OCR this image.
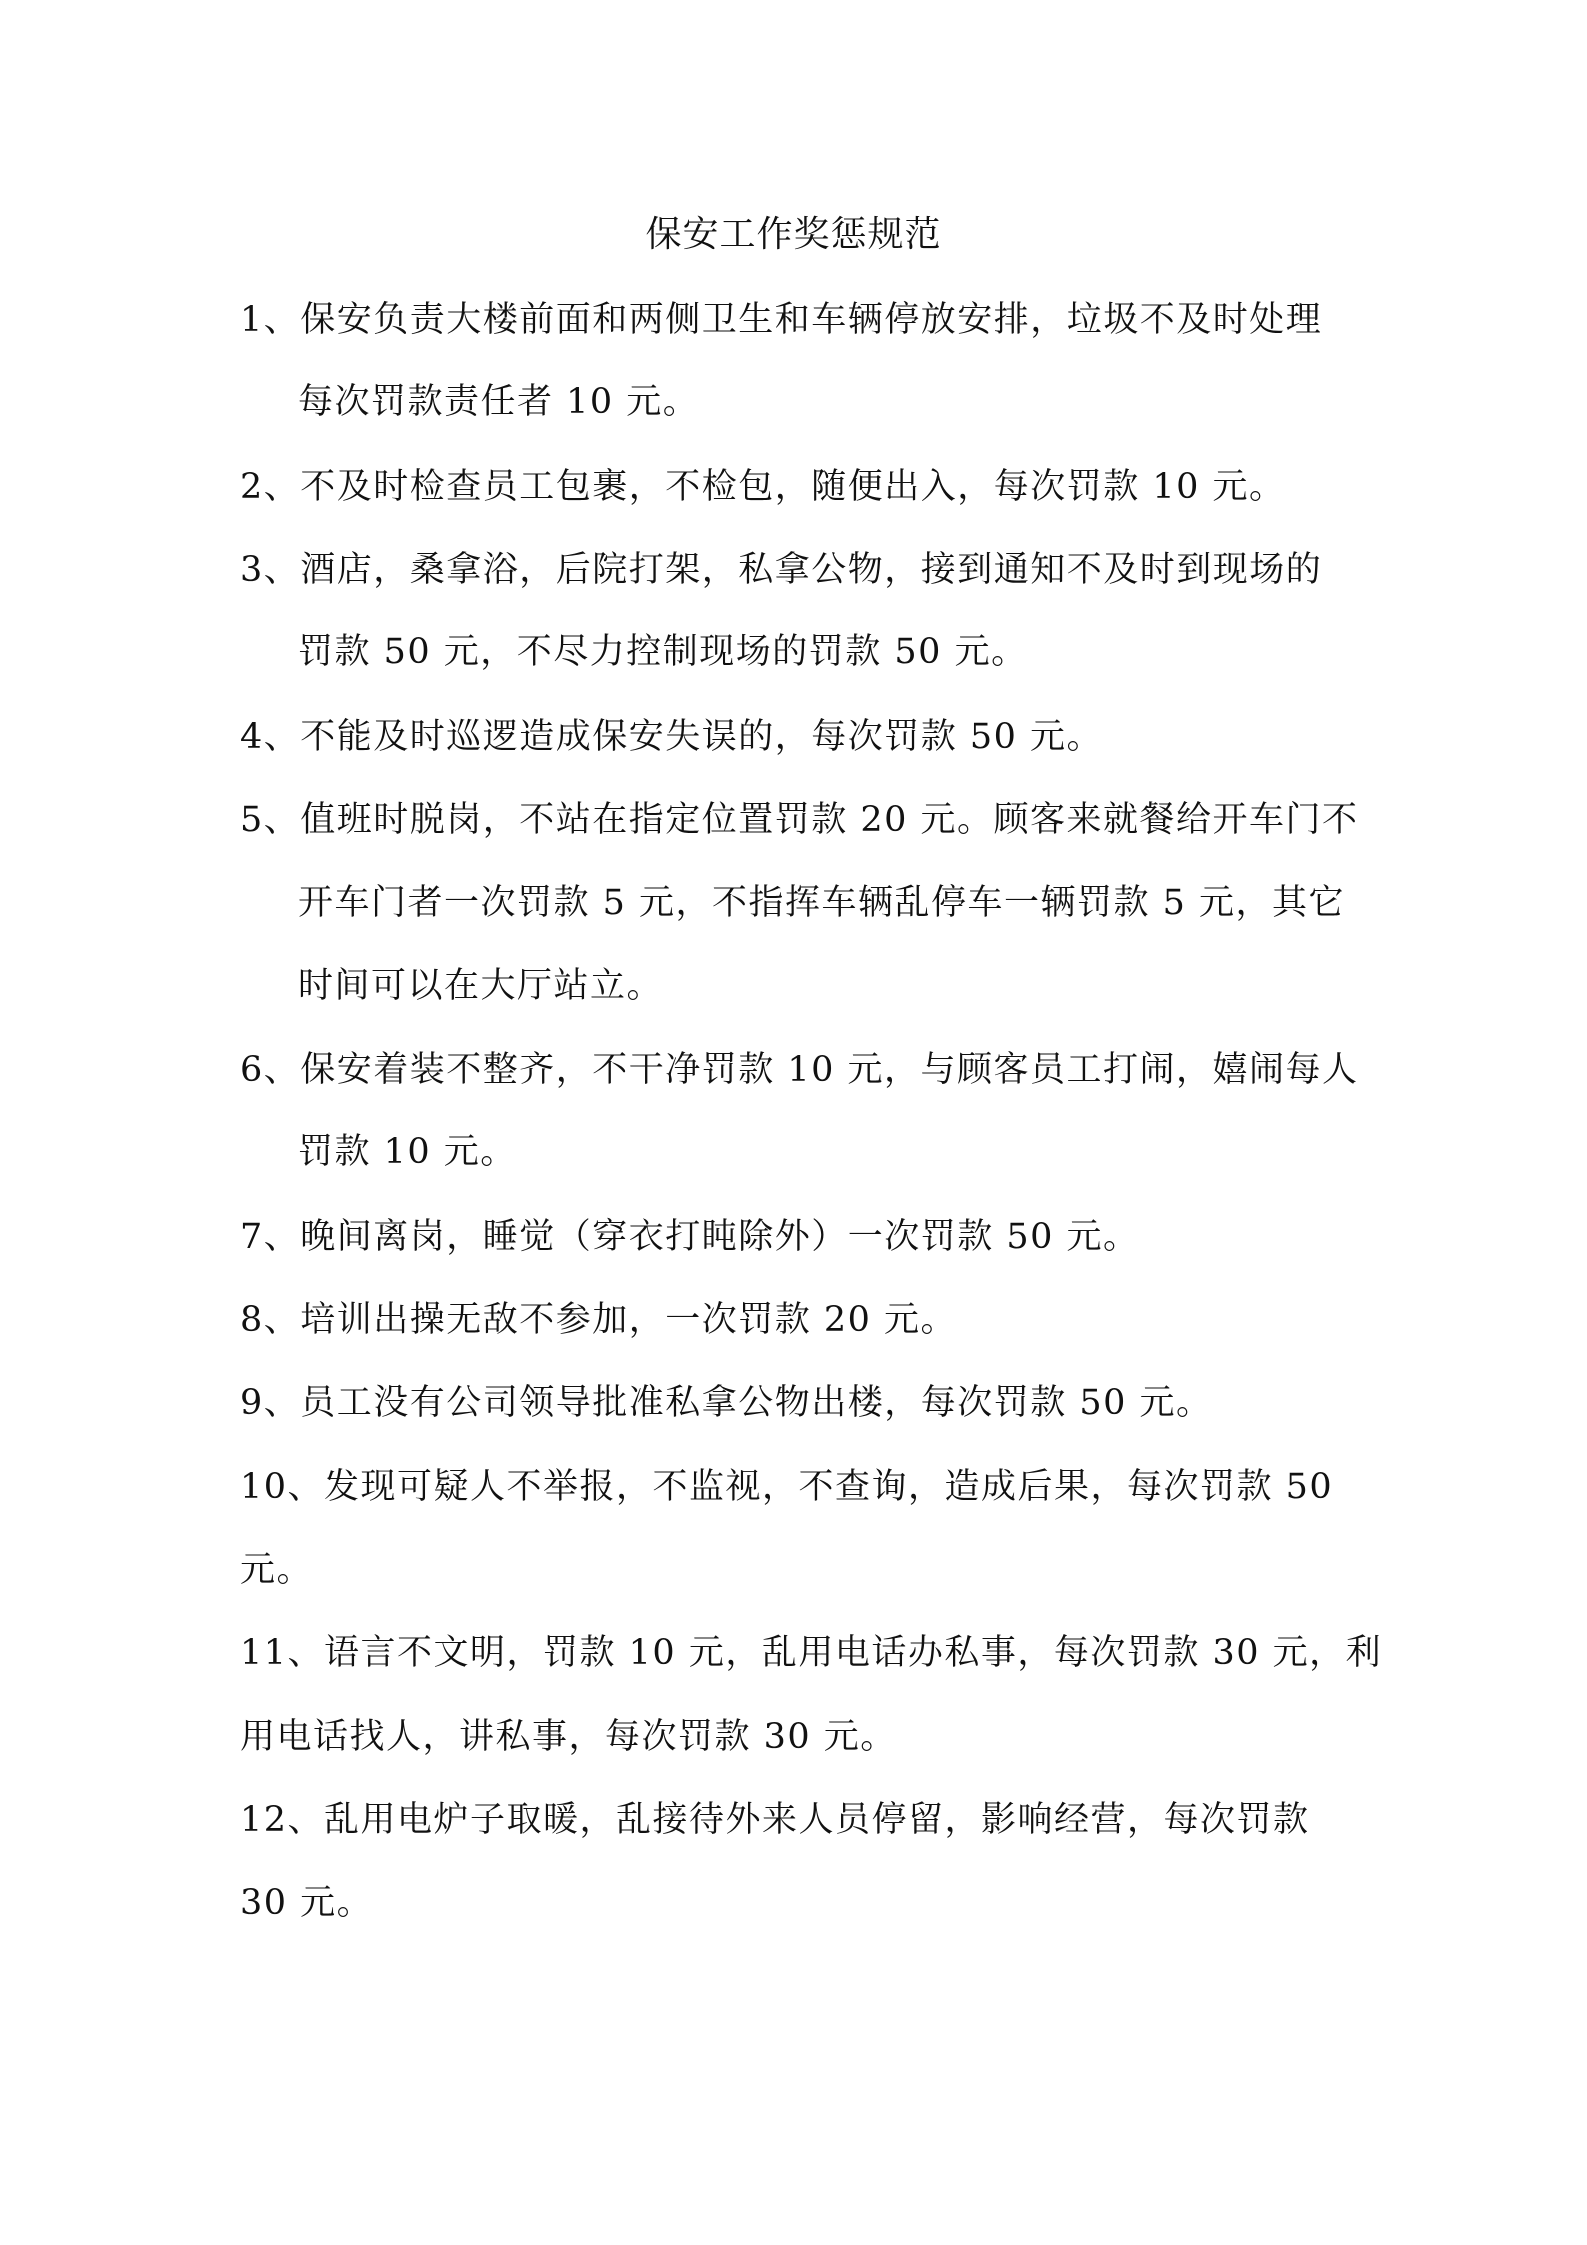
保安工作奖惩规范
1、保安负责大楼前面和两侧卫生和车辆停放安排，垃圾不及时处理
每次罚款责任者 10 元。
2、不及时检查员工包裹，不检包，随便出入，每次罚款 10 元。
3、酒店，桑拿浴，后院打架，私拿公物，接到通知不及时到现场的
罚款 50 元，不尽力控制现场的罚款 50 元。
4、不能及时巡逻造成保安失误的，每次罚款 50 元。
5、值班时脱岗，不站在指定位置罚款 20 元。顾客来就餐给开车门不
开车门者一次罚款 5 元，不指挥车辆乱停车一辆罚款 5 元，其它
时间可以在大厅站立。
6、保安着装不整齐，不干净罚款 10 元，与顾客员工打闹，嬉闹每人
罚款 10 元。
7、晚间离岗，睡觉（穿衣打盹除外）一次罚款 50 元。
8、培训出操无敌不参加，一次罚款 20 元。
9、员工没有公司领导批准私拿公物出楼，每次罚款 50 元。
10、发现可疑人不举报，不监视，不查询，造成后果，每次罚款 50
元。
11、语言不文明，罚款 10 元，乱用电话办私事，每次罚款 30 元，利
用电话找人，讲私事，每次罚款 30 元。
12、乱用电炉子取暖，乱接待外来人员停留，影响经营，每次罚款
30 元。
